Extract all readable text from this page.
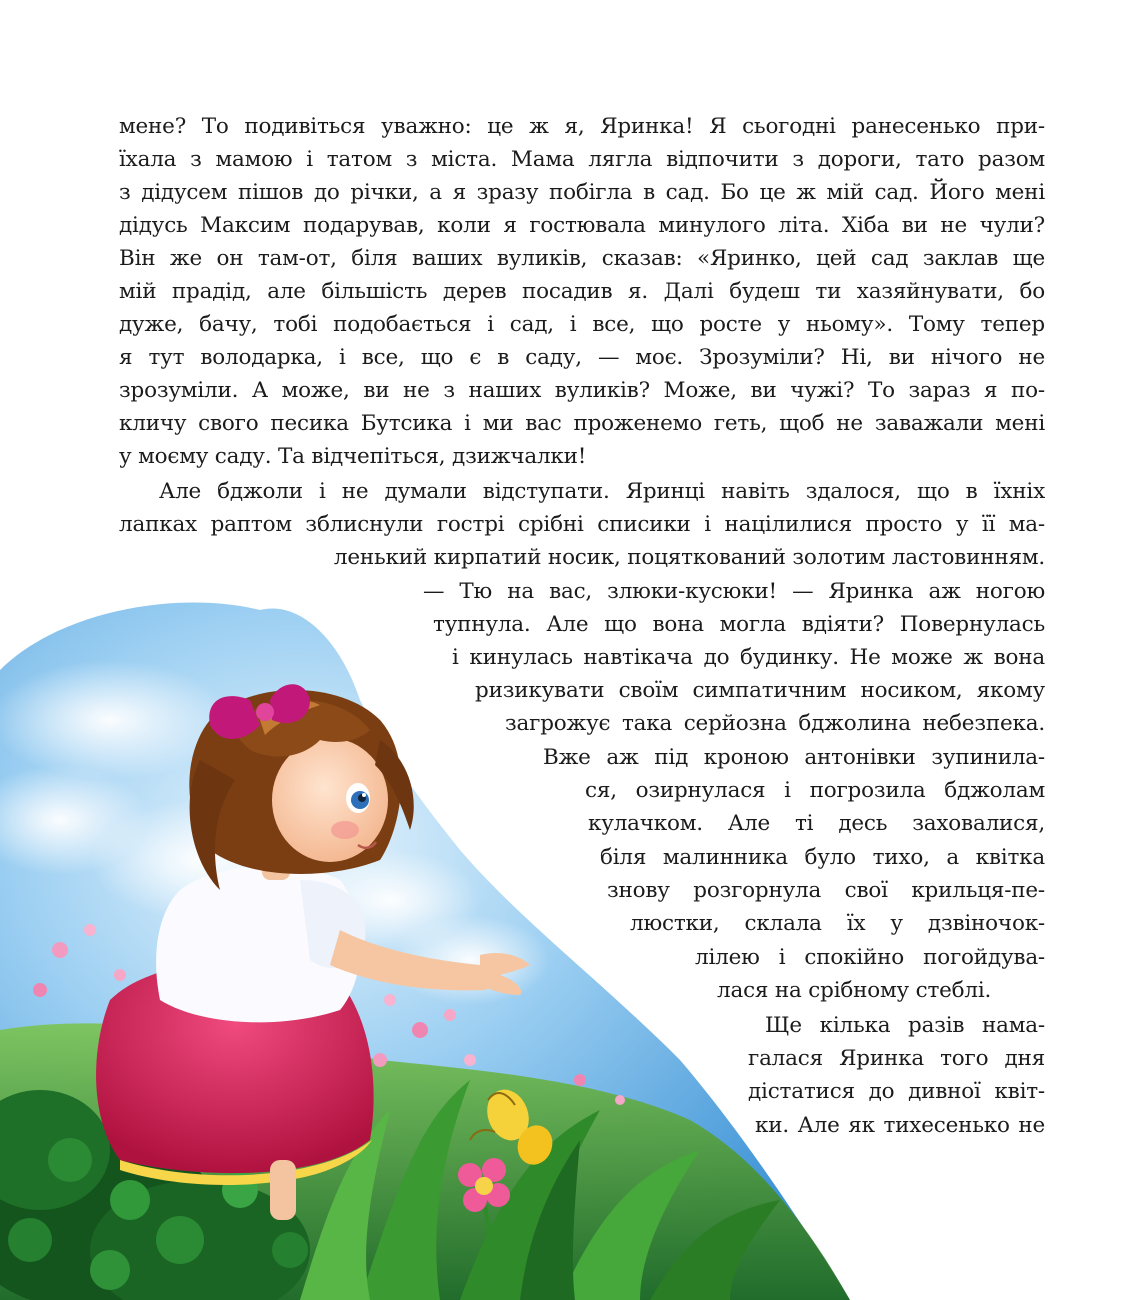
мене? То подивіться уважно: це ж я, Яринка! Я сьогодні ранесенько при-
їхала з мамою і татом з міста. Мама лягла відпочити з дороги, тато разом
з дідусем пішов до річки, а я зразу побігла в сад. Бо це ж мій сад. Його мені
дідусь Максим подарував, коли я гостювала минулого літа. Хіба ви не чули?
Він же он там-от, біля ваших вуликів, сказав: «Яринко, цей сад заклав ще
мій прадід, але більшість дерев посадив я. Далі будеш ти хазяйнувати, бо
дуже, бачу, тобі подобається і сад, і все, що росте у ньому». Тому тепер
я тут володарка, і все, що є в саду, — моє. Зрозуміли? Ні, ви нічого не
зрозуміли. А може, ви не з наших вуликів? Може, ви чужі? То зараз я по-
кличу свого песика Бутсика і ми вас проженемо геть, щоб не заважали мені
у моєму саду. Та відчепіться, дзижчалки!
Але бджоли і не думали відступати. Яринці навіть здалося, що в їхніх
лапках раптом зблиснули гострі срібні списики і націлилися просто у її ма-
ленький кирпатий носик, поцяткований золотим ластовинням.
— Тю на вас, злюки-кусюки! — Яринка аж ногою
тупнула. Але що вона могла вдіяти? Повернулась
і кинулась навтікача до будинку. Не може ж вона
ризикувати своїм симпатичним носиком, якому
загрожує така серйозна бджолина небезпека.
Вже аж під кроною антонівки зупинила-
ся, озирнулася і погрозила бджолам
кулачком. Але ті десь заховалися,
біля малинника було тихо, а квітка
знову розгорнула свої крильця-пе-
люстки, склала їх у дзвіночок-
лілею і спокійно погойдува-
лася на срібному стеблі.
Ще кілька разів нама-
галася Яринка того дня
дістатися до дивної квіт-
ки. Але як тихесенько не
